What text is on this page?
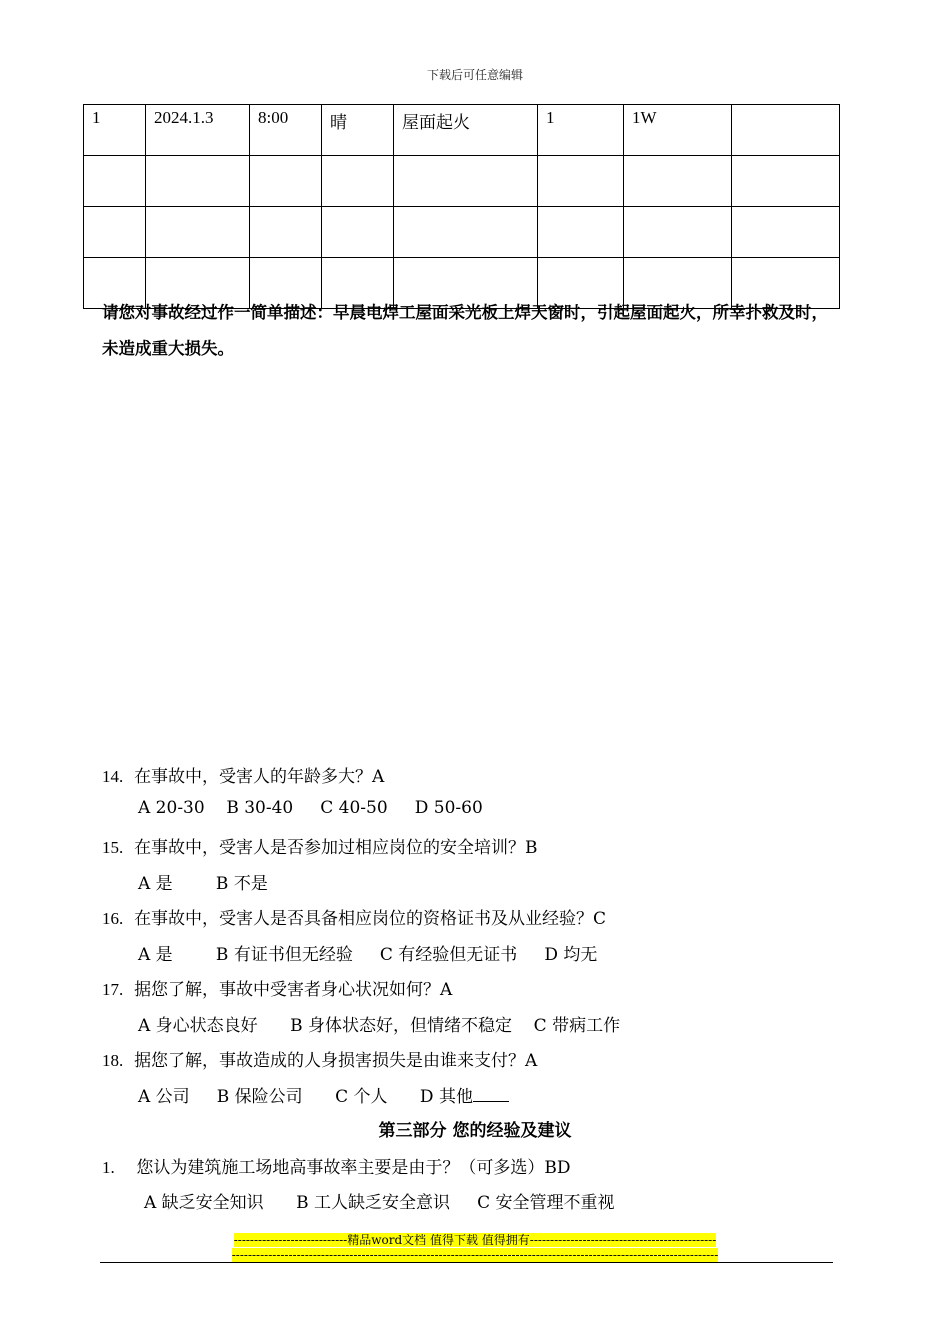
下载后可任意编辑
1	2024.1.3	8:00	晴	屋面起火	1	1W	

请您对事故经过作一简单描述：早晨电焊工屋面采光板上焊天窗时，引起屋面起火，所幸扑救及时，未造成重大损失。
14. 在事故中，受害人的年龄多大？A
A 20-30 B 30-40 C 40-50 D 50-60
15. 在事故中，受害人是否参加过相应岗位的安全培训？B
A 是	B 不是
16. 在事故中，受害人是否具备相应岗位的资格证书及从业经验？C
A 是	B 有证书但无经验 C 有经验但无证书 D 均无
17. 据您了解，事故中受害者身心状况如何？A
A 身心状态良好 B 身体状态好，但情绪不稳定 C 带病工作
18. 据您了解，事故造成的人身损害损失是由谁来支付？A
A 公司 B 保险公司 C 个人 D 其他
第三部分 您的经验及建议
1. 您认为建筑施工场地高事故率主要是由于？（可多选）BD
A 缺乏安全知识 B 工人缺乏安全意识 C 安全管理不重视
----------------------------精品word文档 值得下载 值得拥有----------------------------------------------
------------------------------------------------------------------------------------------------------------------------
